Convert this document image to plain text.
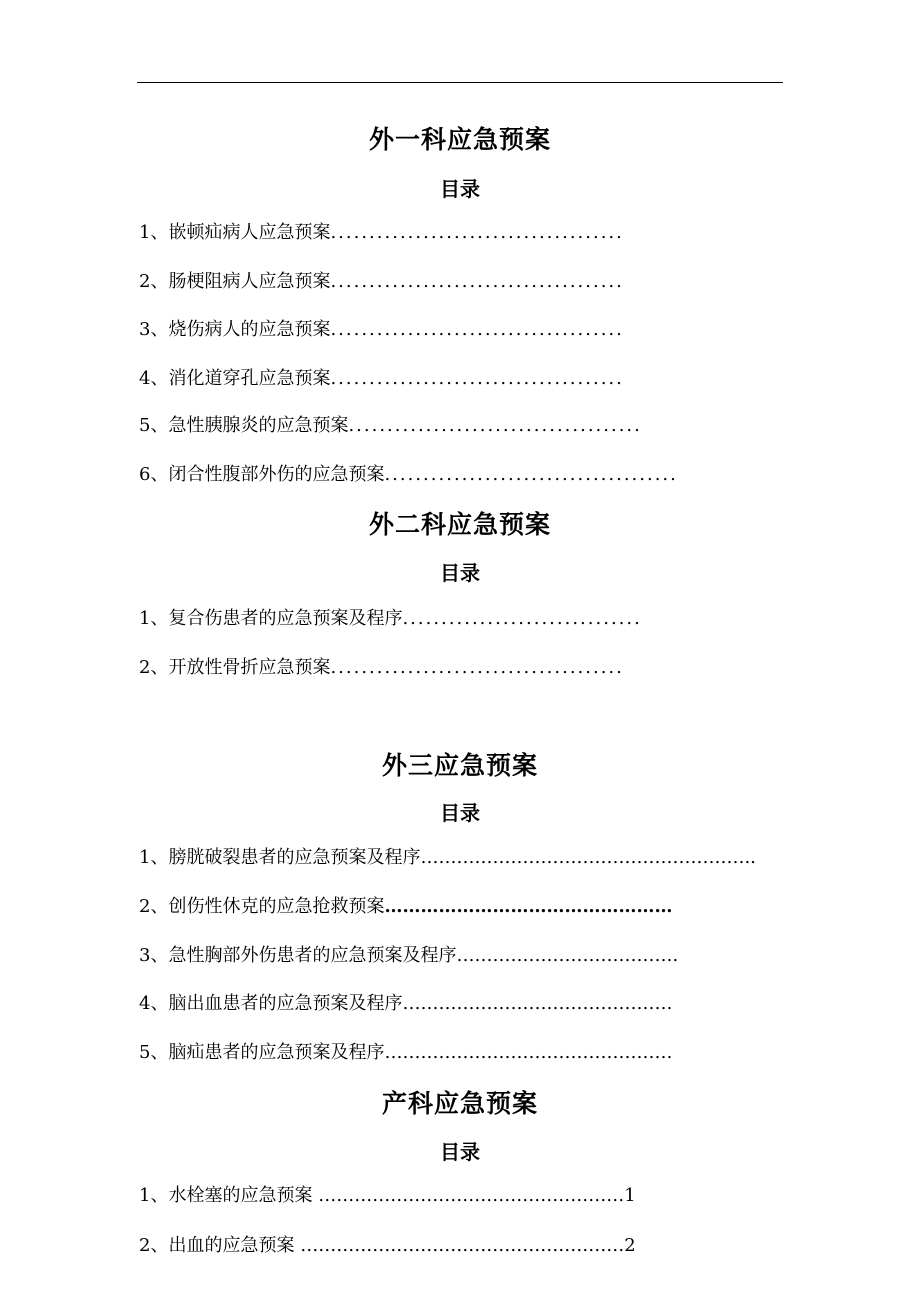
外一科应急预案
目录
1、嵌顿疝病人应急预案......................................
2、肠梗阻病人应急预案......................................
3、烧伤病人的应急预案......................................
4、消化道穿孔应急预案......................................
5、急性胰腺炎的应急预案......................................
6、闭合性腹部外伤的应急预案......................................
外二科应急预案
目录
1、复合伤患者的应急预案及程序...............................
2、开放性骨折应急预案......................................
外三应急预案
目录
1、膀胱破裂患者的应急预案及程序………………………………………………..
2、创伤性休克的应急抢救预案…………………………………………
3、急性胸部外伤患者的应急预案及程序……………………………….
4、脑出血患者的应急预案及程序………………………………………
5、脑疝患者的应急预案及程序…………………………………………
产科应急预案
目录
1、水栓塞的应急预案 ……………………………………………1
2、出血的应急预案 ………………………………………………2
